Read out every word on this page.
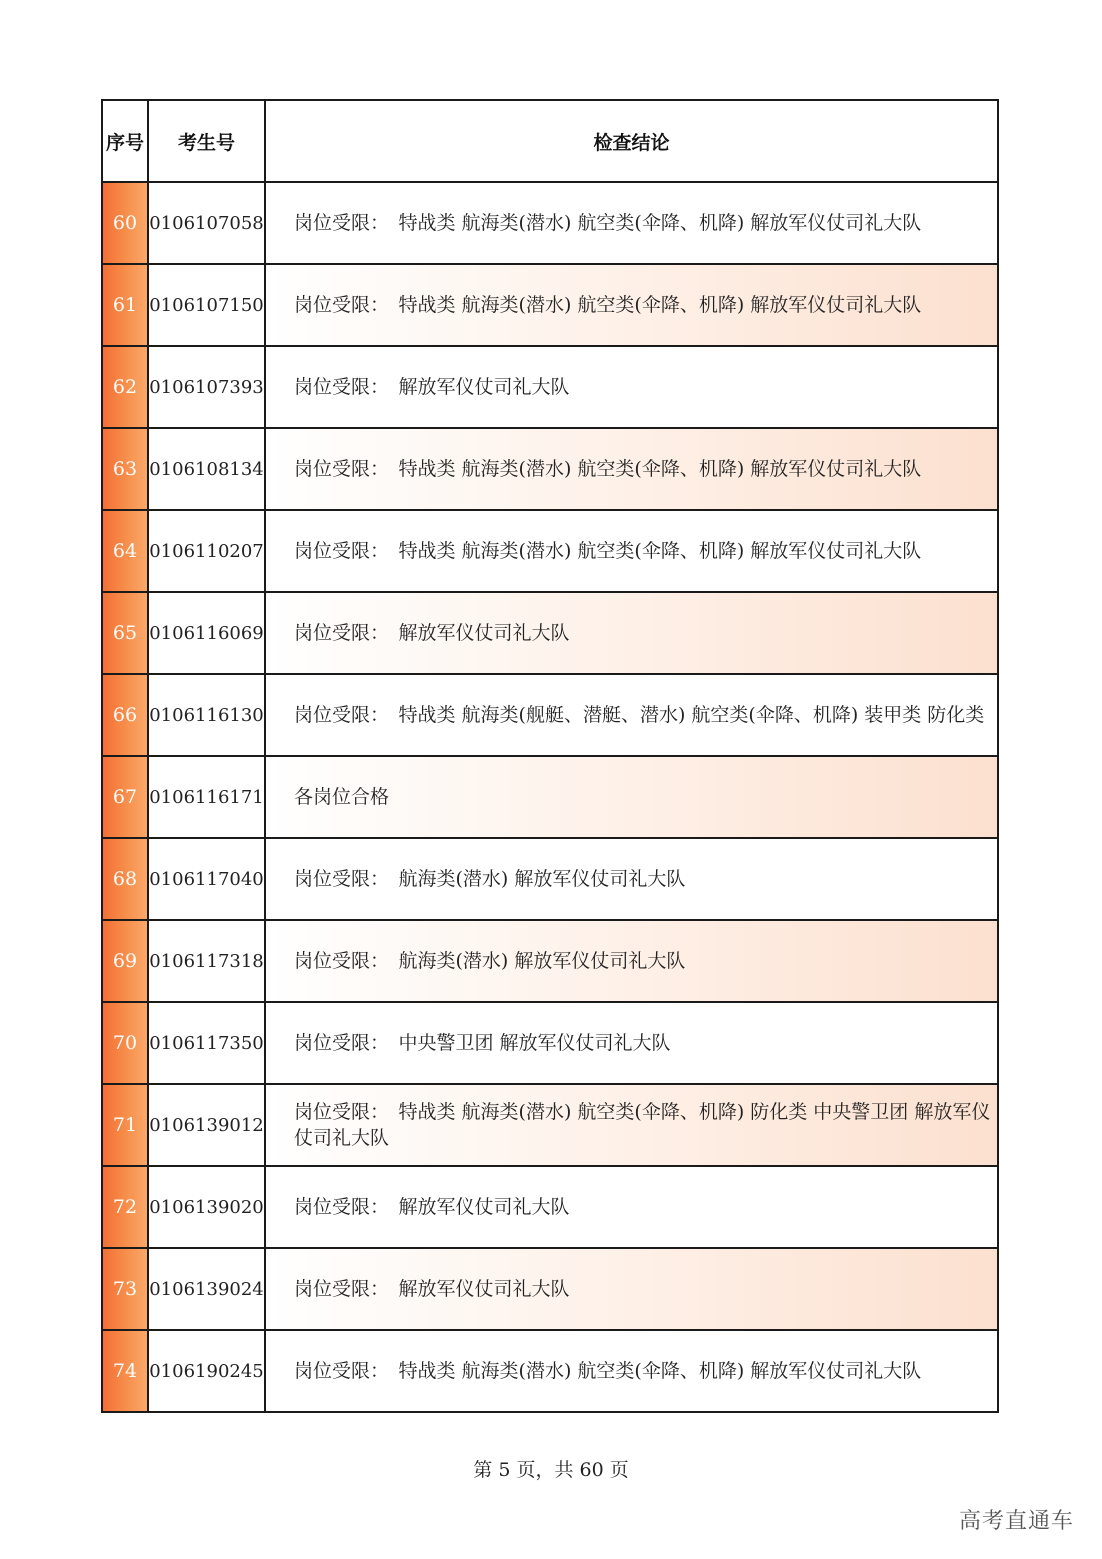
序号	考生号	检查结论
60	0106107058	岗位受限：　特战类 航海类(潜水) 航空类(伞降、机降) 解放军仪仗司礼大队
61	0106107150	岗位受限：　特战类 航海类(潜水) 航空类(伞降、机降) 解放军仪仗司礼大队
62	0106107393	岗位受限：　解放军仪仗司礼大队
63	0106108134	岗位受限：　特战类 航海类(潜水) 航空类(伞降、机降) 解放军仪仗司礼大队
64	0106110207	岗位受限：　特战类 航海类(潜水) 航空类(伞降、机降) 解放军仪仗司礼大队
65	0106116069	岗位受限：　解放军仪仗司礼大队
66	0106116130	岗位受限：　特战类 航海类(舰艇、潜艇、潜水) 航空类(伞降、机降) 装甲类 防化类
67	0106116171	各岗位合格
68	0106117040	岗位受限：　航海类(潜水) 解放军仪仗司礼大队
69	0106117318	岗位受限：　航海类(潜水) 解放军仪仗司礼大队
70	0106117350	岗位受限：　中央警卫团 解放军仪仗司礼大队
71	0106139012	岗位受限：　特战类 航海类(潜水) 航空类(伞降、机降) 防化类 中央警卫团 解放军仪仗司礼大队
72	0106139020	岗位受限：　解放军仪仗司礼大队
73	0106139024	岗位受限：　解放军仪仗司礼大队
74	0106190245	岗位受限：　特战类 航海类(潜水) 航空类(伞降、机降) 解放军仪仗司礼大队
第 5 页，共 60 页
高考直通车
